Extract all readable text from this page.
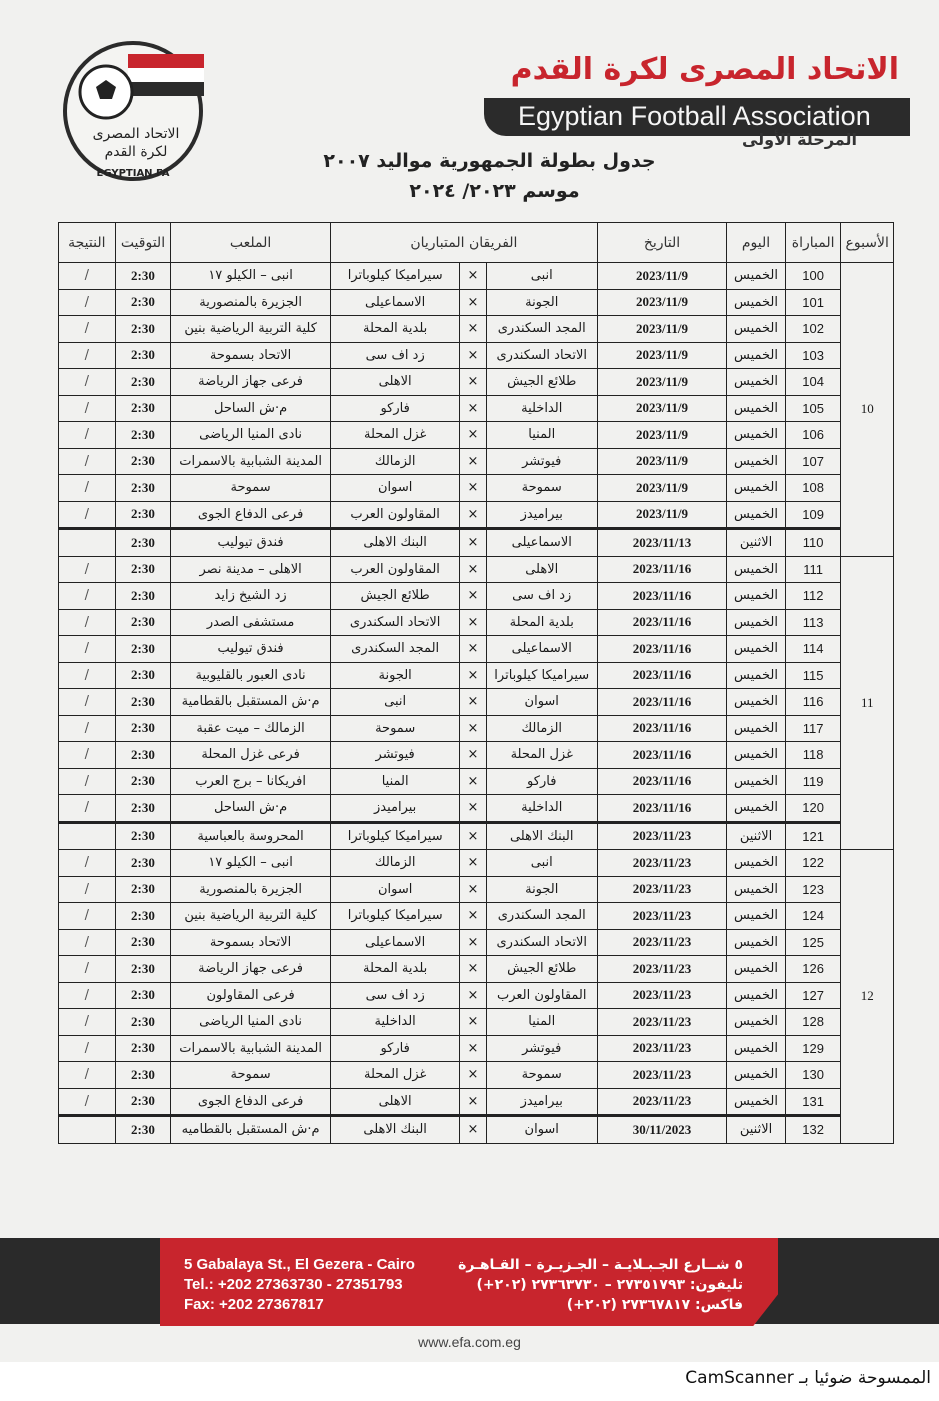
الاتحاد المصرى
لكرة القدم
EGYPTIAN FA
الاتحاد المصرى لكرة القدم
Egyptian Football Association
المرحلة الأولى
جدول بطولة الجمهورية مواليد ٢٠٠٧
موسم ٢٠٢٣/ ٢٠٢٤
الأسبوع	المباراة	اليوم	التاريخ	الفريقان المتباريان			الملعب	التوقيت	النتيجة
10	100	الخميس	2023/11/9	انبى	×	سيراميكا كيلوباترا	انبى – الكيلو ١٧	2:30	/
	101	الخميس	2023/11/9	الجونة	×	الاسماعيلى	الجزيرة بالمنصورية	2:30	/
	102	الخميس	2023/11/9	المجد السكندرى	×	بلدية المحلة	كلية التربية الرياضية بنين	2:30	/
	103	الخميس	2023/11/9	الاتحاد السكندرى	×	زد اف سى	الاتحاد بسموحة	2:30	/
	104	الخميس	2023/11/9	طلائع الجيش	×	الاهلى	فرعى جهاز الرياضة	2:30	/
	105	الخميس	2023/11/9	الداخلية	×	فاركو	م·ش الساحل	2:30	/
	106	الخميس	2023/11/9	المنيا	×	غزل المحلة	نادى المنيا الرياضى	2:30	/
	107	الخميس	2023/11/9	فيوتشر	×	الزمالك	المدينة الشبابية بالاسمرات	2:30	/
	108	الخميس	2023/11/9	سموحة	×	اسوان	سموحة	2:30	/
	109	الخميس	2023/11/9	بيراميدز	×	المقاولون العرب	فرعى الدفاع الجوى	2:30	/
	110	الاثنين	2023/11/13	الاسماعيلى	×	البنك الاهلى	فندق تيوليب	2:30	
11	111	الخميس	2023/11/16	الاهلى	×	المقاولون العرب	الاهلى – مدينة نصر	2:30	/
	112	الخميس	2023/11/16	زد اف سى	×	طلائع الجيش	زد الشيخ زايد	2:30	/
	113	الخميس	2023/11/16	بلدية المحلة	×	الاتحاد السكندرى	مستشفى الصدر	2:30	/
	114	الخميس	2023/11/16	الاسماعيلى	×	المجد السكندرى	فندق تيوليب	2:30	/
	115	الخميس	2023/11/16	سيراميكا كيلوباترا	×	الجونة	نادى العبور بالقليوبية	2:30	/
	116	الخميس	2023/11/16	اسوان	×	انبى	م·ش المستقبل بالقطامية	2:30	/
	117	الخميس	2023/11/16	الزمالك	×	سموحة	الزمالك – ميت عقبة	2:30	/
	118	الخميس	2023/11/16	غزل المحلة	×	فيوتشر	فرعى غزل المحلة	2:30	/
	119	الخميس	2023/11/16	فاركو	×	المنيا	افريكانا – برج العرب	2:30	/
	120	الخميس	2023/11/16	الداخلية	×	بيراميدز	م·ش الساحل	2:30	/
	121	الاثنين	2023/11/23	البنك الاهلى	×	سيراميكا كيلوباترا	المحروسة بالعباسية	2:30	
12	122	الخميس	2023/11/23	انبى	×	الزمالك	انبى – الكيلو ١٧	2:30	/
	123	الخميس	2023/11/23	الجونة	×	اسوان	الجزيرة بالمنصورية	2:30	/
	124	الخميس	2023/11/23	المجد السكندرى	×	سيراميكا كيلوباترا	كلية التربية الرياضية بنين	2:30	/
	125	الخميس	2023/11/23	الاتحاد السكندرى	×	الاسماعيلى	الاتحاد بسموحة	2:30	/
	126	الخميس	2023/11/23	طلائع الجيش	×	بلدية المحلة	فرعى جهاز الرياضة	2:30	/
	127	الخميس	2023/11/23	المقاولون العرب	×	زد اف سى	فرعى المقاولون	2:30	/
	128	الخميس	2023/11/23	المنيا	×	الداخلية	نادى المنيا الرياضى	2:30	/
	129	الخميس	2023/11/23	فيوتشر	×	فاركو	المدينة الشبابية بالاسمرات	2:30	/
	130	الخميس	2023/11/23	سموحة	×	غزل المحلة	سموحة	2:30	/
	131	الخميس	2023/11/23	بيراميدز	×	الاهلى	فرعى الدفاع الجوى	2:30	/
	132	الاثنين	30/11/2023	اسوان	×	البنك الاهلى	م·ش المستقبل بالقطاميه	2:30	
5 Gabalaya St., El Gezera - Cairo
Tel.: +202 27363730 - 27351793
Fax: +202 27367817
٥ شــارع الجـبـلايـة – الجـزيـرة – القـاهـرة
تليفون: ٢٧٣٥١٧٩٣ – ٢٧٣٦٣٧٣٠ (٢٠٢+)
فاكس: ٢٧٣٦٧٨١٧ (٢٠٢+)
www.efa.com.eg
الممسوحة ضوئيا بـ CamScanner
